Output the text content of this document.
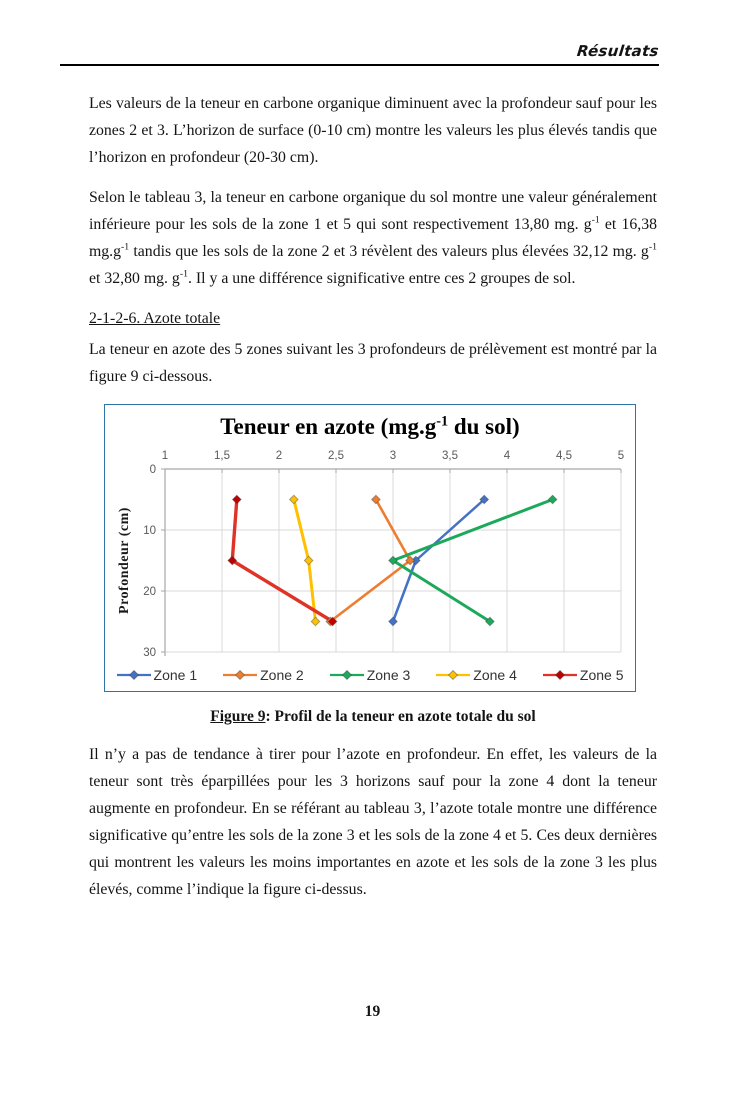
Résultats

Les valeurs de la teneur en carbone organique diminuent avec la profondeur sauf pour les zones 2 et 3. L’horizon de surface (0-10 cm) montre les valeurs les plus élevés tandis que l’horizon en profondeur (20-30 cm).

Selon le tableau 3, la teneur en carbone organique du sol montre une valeur généralement inférieure pour les sols de la zone 1 et 5 qui sont respectivement 13,80 mg. $g^{-1}$ et 16,38 $mg.g^{-1}$ tandis que les sols de la zone 2 et 3 révèlent des valeurs plus élevées 32,12 mg. $g^{-1}$ et 32,80 mg. $g^{-1}$. Il y a une différence significative entre ces 2 groupes de sol.

2-1-2-6. Azote totale

La teneur en azote des 5 zones suivant les 3 profondeurs de prélèvement est montré par la figure 9 ci-dessous.

Teneur en azote ($mg.g^{-1}$ du sol)
1	1,5	2	2,5	3	3,5	4	4,5	5
0
10
20
30
Profondeur (cm)
Zone 1	Zone 2	Zone 3	Zone 4	Zone 5
Figure 9: Profil de la teneur en azote totale du sol

Il n’y a pas de tendance à tirer pour l’azote en profondeur. En effet, les valeurs de la teneur sont très éparpillées pour les 3 horizons sauf pour la zone 4 dont la teneur augmente en profondeur. En se référant au tableau 3, l’azote totale montre une différence significative qu’entre les sols de la zone 3 et les sols de la zone 4 et 5. Ces deux dernières qui montrent les valeurs les moins importantes en azote et les sols de la zone 3 les plus élevés, comme l’indique la figure ci-dessus.

19
